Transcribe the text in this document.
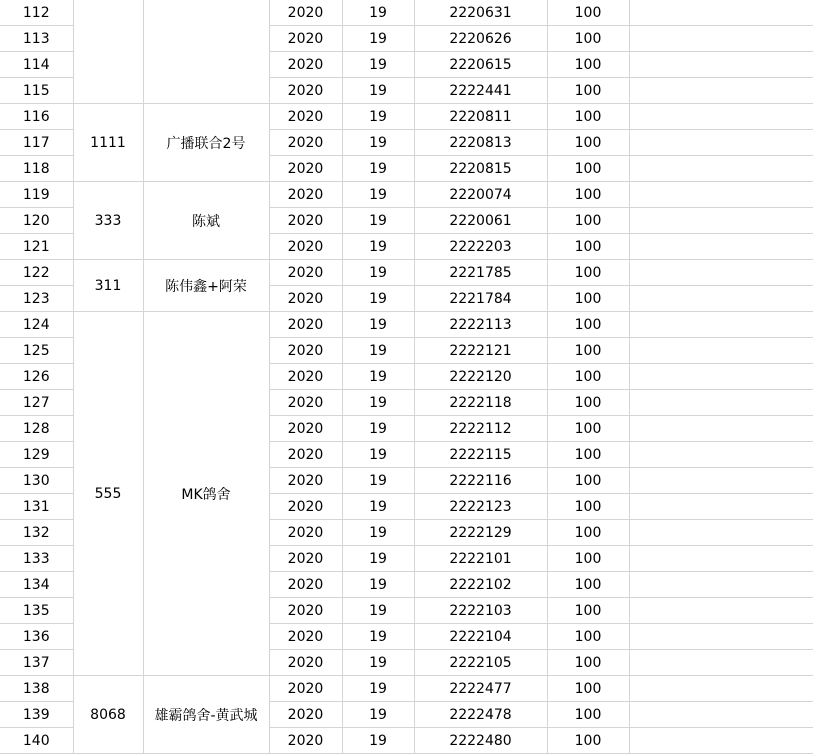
112			2020	19	2220631	100	
113			2020	19	2220626	100	
114			2020	19	2220615	100	
115			2020	19	2222441	100	
116	1111	广播联合2号	2020	19	2220811	100	
117			2020	19	2220813	100	
118			2020	19	2220815	100	
119	333	陈斌	2020	19	2220074	100	
120			2020	19	2220061	100	
121			2020	19	2222203	100	
122	311	陈伟鑫+阿荣	2020	19	2221785	100	
123			2020	19	2221784	100	
124	555	MK鸽舍	2020	19	2222113	100	
125			2020	19	2222121	100	
126			2020	19	2222120	100	
127			2020	19	2222118	100	
128			2020	19	2222112	100	
129			2020	19	2222115	100	
130			2020	19	2222116	100	
131			2020	19	2222123	100	
132			2020	19	2222129	100	
133			2020	19	2222101	100	
134			2020	19	2222102	100	
135			2020	19	2222103	100	
136			2020	19	2222104	100	
137			2020	19	2222105	100	
138	8068	雄霸鸽舍-黄武城	2020	19	2222477	100	
139			2020	19	2222478	100	
140			2020	19	2222480	100	
